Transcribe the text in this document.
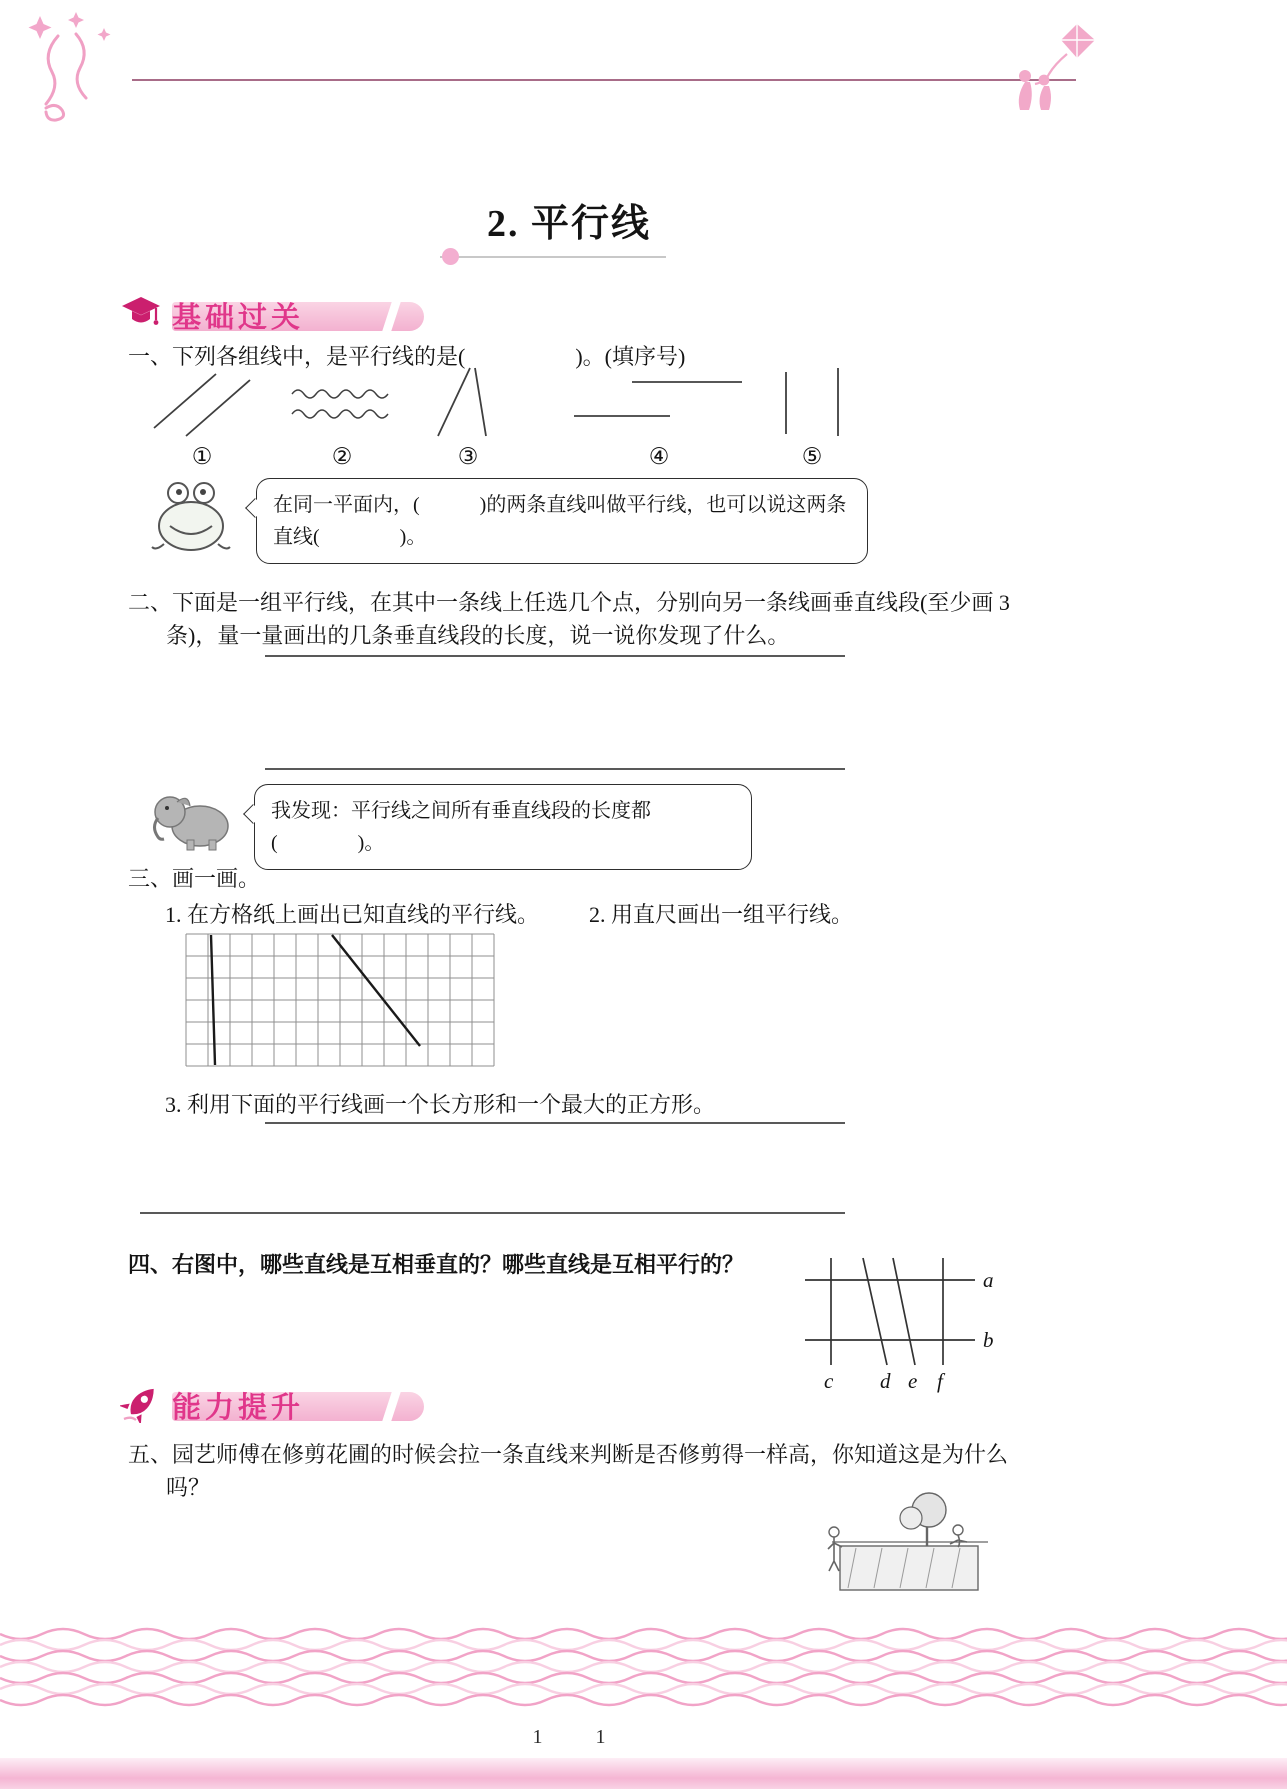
2. 平行线
基础过关
一、下列各组线中，是平行线的是(　　　　　)。(填序号)
①	②	③	④	⑤
在同一平面内，(　　　)的两条直线叫做平行线，也可以说这两条直线(　　　　)。
二、下面是一组平行线，在其中一条线上任选几个点，分别向另一条线画垂直线段(至少画 3 条)，量一量画出的几条垂直线段的长度，说一说你发现了什么。
我发现：平行线之间所有垂直线段的长度都(　　　　)。
三、画一画。
1. 在方格纸上画出已知直线的平行线。 2. 用直尺画出一组平行线。
3. 利用下面的平行线画一个长方形和一个最大的正方形。
四、右图中，哪些直线是互相垂直的？哪些直线是互相平行的？
a
b
c d e f
能力提升
五、园艺师傅在修剪花圃的时候会拉一条直线来判断是否修剪得一样高，你知道这是为什么吗？
1	1
